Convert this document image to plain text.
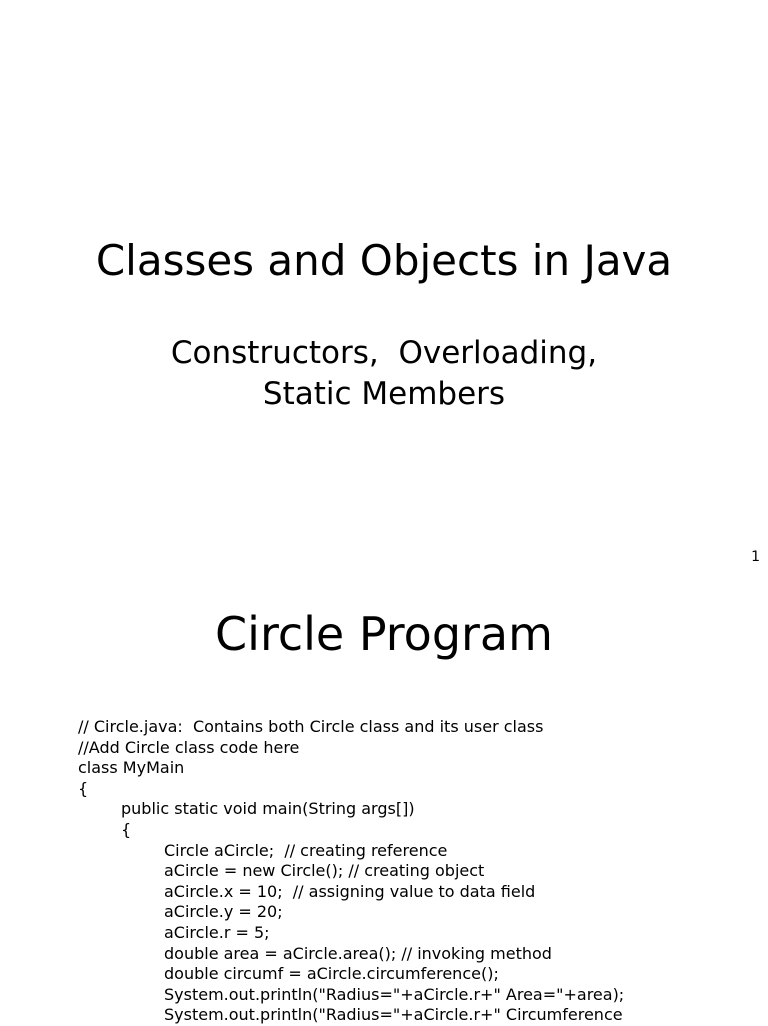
Classes and Objects in Java
Constructors,  Overloading,
Static Members
1
Circle Program
// Circle.java:  Contains both Circle class and its user class
//Add Circle class code here
class MyMain
{
public static void main(String args[])
{
Circle aCircle;  // creating reference
aCircle = new Circle(); // creating object
aCircle.x = 10;  // assigning value to data field
aCircle.y = 20;
aCircle.r = 5;
double area = aCircle.area(); // invoking method
double circumf = aCircle.circumference();
System.out.println("Radius="+aCircle.r+" Area="+area);
System.out.println("Radius="+aCircle.r+" Circumference
